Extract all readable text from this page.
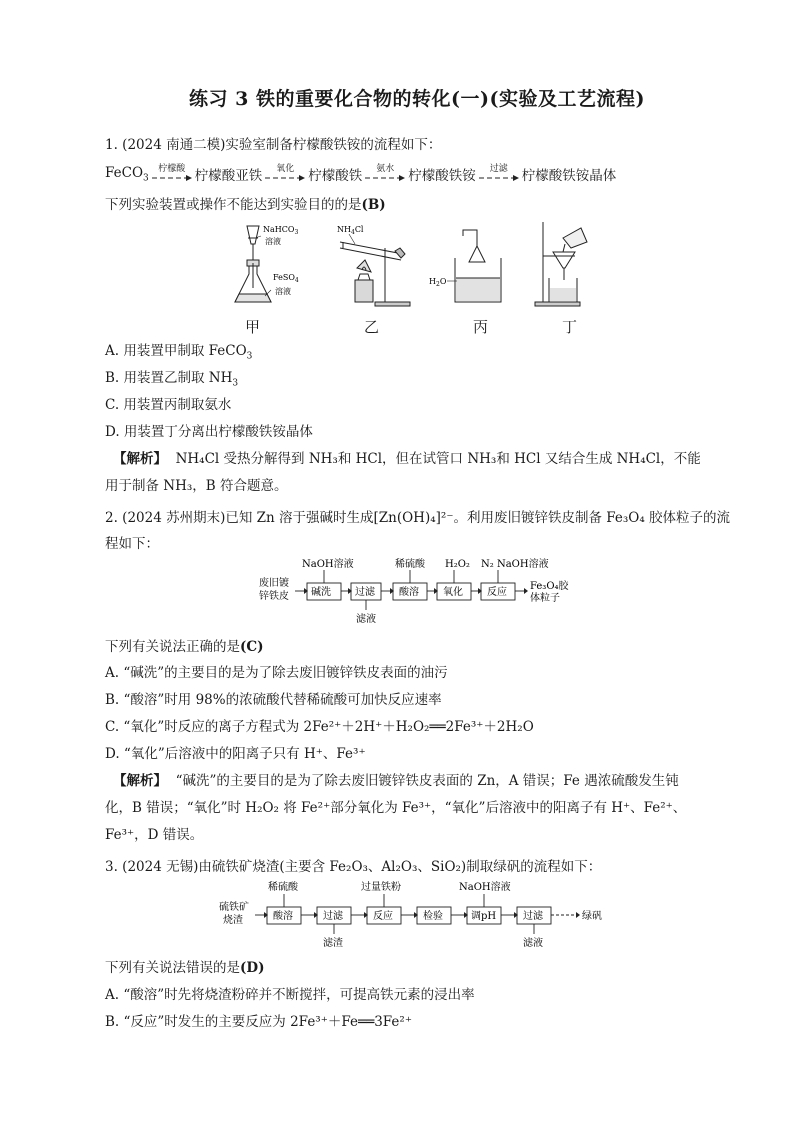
练习 3 铁的重要化合物的转化(一)(实验及工艺流程)
1. (2024 南通二模)实验室制备柠檬酸铁铵的流程如下：
FeCO$_3$
柠檬酸 柠檬酸亚铁 氧化 柠檬酸铁 氨水 柠檬酸铁铵 过滤 柠檬酸铁铵晶体
下列实验装置或操作不能达到实验目的的是(B)
NaHCO$_3$
溶液
FeSO$_4$
溶液
$NH_4Cl$
$H_2O$
甲	乙	丙	丁
A. 用装置甲制取 FeCO$_3$
B. 用装置乙制取 $NH_3$
C. 用装置丙制取氨水
D. 用装置丁分离出柠檬酸铁铵晶体
【解析】 NH₄Cl 受热分解得到 NH₃和 HCl，但在试管口 NH₃和 HCl 又结合生成 NH₄Cl，不能用于制备 NH₃，B 符合题意。
2. (2024 苏州期末)已知 Zn 溶于强碱时生成[Zn(OH)₄]²⁻。利用废旧镀锌铁皮制备 Fe₃O₄ 胶体粒子的流
程如下：
废旧镀
锌铁皮 碱洗 过滤 酸溶 氧化 反应
NaOH溶液	稀硫酸 H₂O₂ N₂ NaOH溶液
滤液
Fe₃O₄胶
体粒子
下列有关说法正确的是(C)
A. “碱洗”的主要目的是为了除去废旧镀锌铁皮表面的油污
B. “酸溶”时用 98%的浓硫酸代替稀硫酸可加快反应速率
C. “氧化”时反应的离子方程式为 2Fe²⁺＋2H⁺＋H₂O₂══2Fe³⁺＋2H₂O
D. “氧化”后溶液中的阳离子只有 H⁺、Fe³⁺
【解析】 “碱洗”的主要目的是为了除去废旧镀锌铁皮表面的 Zn，A 错误；Fe 遇浓硫酸发生钝化，B 错误；“氧化”时 H₂O₂ 将 Fe²⁺部分氧化为 Fe³⁺，“氧化”后溶液中的阳离子有 H⁺、Fe²⁺、Fe³⁺，D 错误。
3. (2024 无锡)由硫铁矿烧渣(主要含 Fe₂O₃、Al₂O₃、SiO₂)制取绿矾的流程如下：
硫铁矿
烧渣	酸溶	过滤	反应	检验	调pH	过滤
稀硫酸	过量铁粉	NaOH溶液
滤渣	滤液
绿矾
下列有关说法错误的是(D)
A. “酸溶”时先将烧渣粉碎并不断搅拌，可提高铁元素的浸出率
B. “反应”时发生的主要反应为 2Fe³⁺＋Fe══3Fe²⁺
